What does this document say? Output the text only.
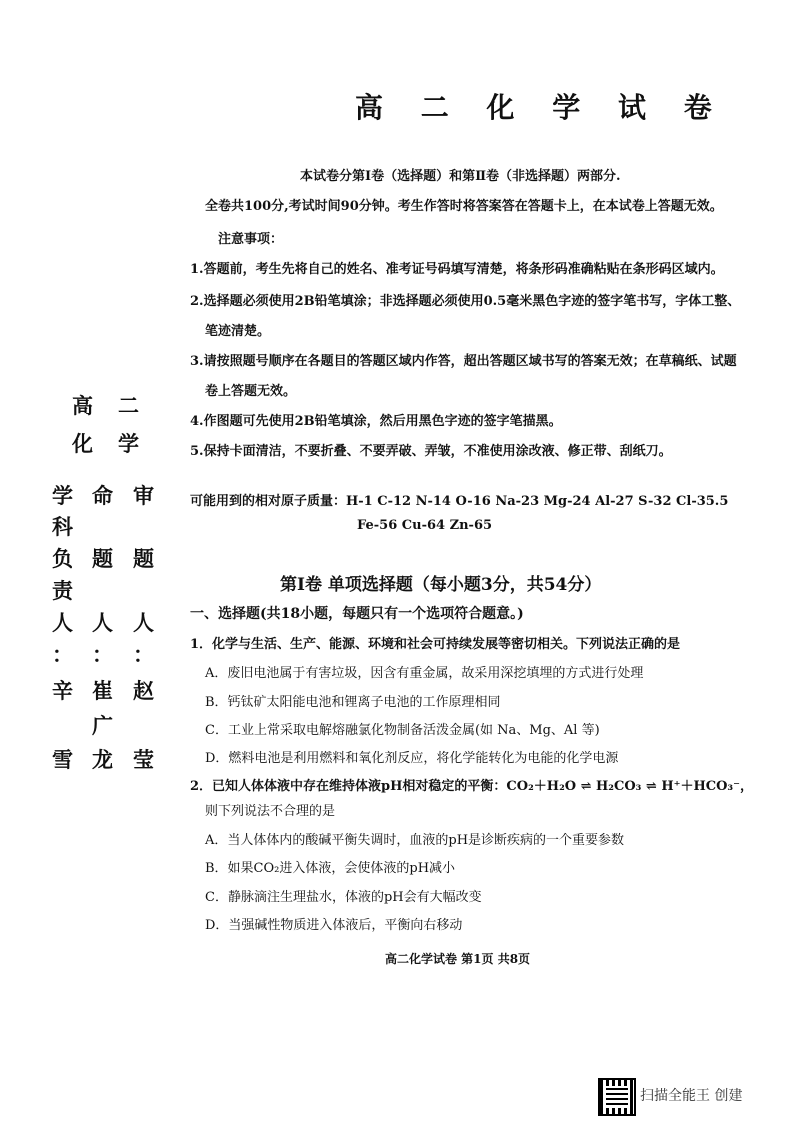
高 二 化 学 试 卷
本试卷分第Ⅰ卷（选择题）和第Ⅱ卷（非选择题）两部分.
全卷共100分,考试时间90分钟。考生作答时将答案答在答题卡上，在本试卷上答题无效。
注意事项：
1.答题前，考生先将自己的姓名、准考证号码填写清楚，将条形码准确粘贴在条形码区域内。
2.选择题必须使用2B铅笔填涂；非选择题必须使用0.5毫米黑色字迹的签字笔书写，字体工整、
笔迹清楚。
3.请按照题号顺序在各题目的答题区域内作答，超出答题区域书写的答案无效；在草稿纸、试题
卷上答题无效。
4.作图题可先使用2B铅笔填涂，然后用黑色字迹的签字笔描黑。
5.保持卡面清洁，不要折叠、不要弄破、弄皱，不准使用涂改液、修正带、刮纸刀。
可能用到的相对原子质量：H-1 C-12 N-14 O-16 Na-23 Mg-24 Al-27 S-32 Cl-35.5
Fe-56 Cu-64 Zn-65
第Ⅰ卷 单项选择题（每小题3分，共54分）
一、选择题(共18小题，每题只有一个选项符合题意。)
1．化学与生活、生产、能源、环境和社会可持续发展等密切相关。下列说法正确的是
A．废旧电池属于有害垃圾，因含有重金属，故采用深挖填埋的方式进行处理
B．钙钛矿太阳能电池和锂离子电池的工作原理相同
C．工业上常采取电解熔融氯化物制备活泼金属(如 Na、Mg、Al 等)
D．燃料电池是利用燃料和氧化剂反应，将化学能转化为电能的化学电源
2．已知人体体液中存在维持体液pH相对稳定的平衡：CO₂＋H₂O ⇌ H₂CO₃ ⇌ H⁺＋HCO₃⁻，
则下列说法不合理的是
A．当人体体内的酸碱平衡失调时，血液的pH是诊断疾病的一个重要参数
B．如果CO₂进入体液，会使体液的pH减小
C．静脉滴注生理盐水，体液的pH会有大幅改变
D．当强碱性物质进入体液后，平衡向右移动
高二化学试卷 第1页 共8页
高 二
化 学
学
科
负
责
人
：
辛
雪
命
题
人
：
崔
广
龙
审
题
人
：
赵
莹
扫描全能王 创建
